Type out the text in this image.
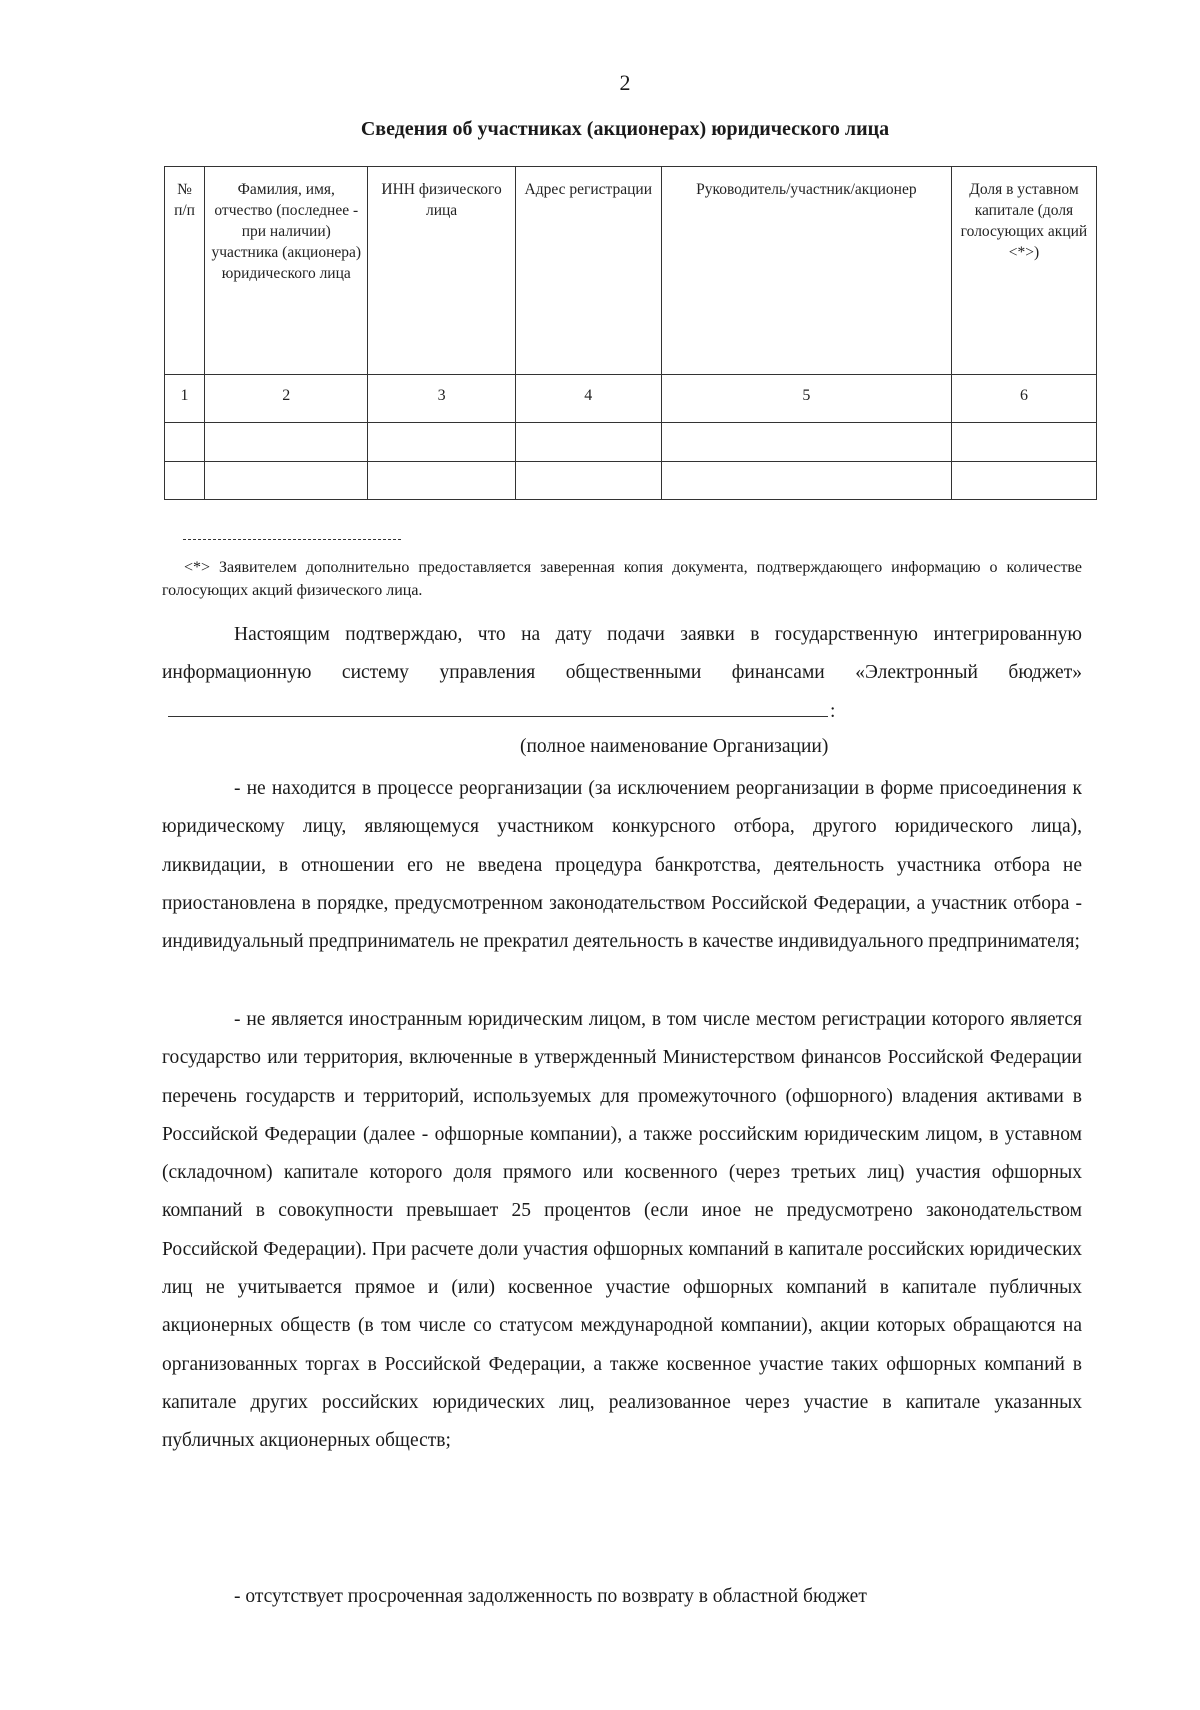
2
Сведения об участниках (акционерах) юридического лица
№ п/п	Фамилия, имя, отчество (последнее - при наличии) участника (акционера) юридического лица	ИНН физического лица	Адрес регистрации	Руководитель/участник/акционер	Доля в уставном капитале (доля голосующих акций <*>)
1	2	3	4	5	6

<*> Заявителем дополнительно предоставляется заверенная копия документа, подтверждающего информацию о количестве голосующих акций физического лица.
Настоящим подтверждаю, что на дату подачи заявки в государственную интегрированную информационную систему управления общественными финансами «Электронный бюджет»:
(полное наименование Организации)
- не находится в процессе реорганизации (за исключением реорганизации в форме присоединения к юридическому лицу, являющемуся участником конкурсного отбора, другого юридического лица), ликвидации, в отношении его не введена процедура банкротства, деятельность участника отбора не приостановлена в порядке, предусмотренном законодательством Российской Федерации, а участник отбора - индивидуальный предприниматель не прекратил деятельность в качестве индивидуального предпринимателя;
- не является иностранным юридическим лицом, в том числе местом регистрации которого является государство или территория, включенные в утвержденный Министерством финансов Российской Федерации перечень государств и территорий, используемых для промежуточного (офшорного) владения активами в Российской Федерации (далее - офшорные компании), а также российским юридическим лицом, в уставном (складочном) капитале которого доля прямого или косвенного (через третьих лиц) участия офшорных компаний в совокупности превышает 25 процентов (если иное не предусмотрено законодательством Российской Федерации). При расчете доли участия офшорных компаний в капитале российских юридических лиц не учитывается прямое и (или) косвенное участие офшорных компаний в капитале публичных акционерных обществ (в том числе со статусом международной компании), акции которых обращаются на организованных торгах в Российской Федерации, а также косвенное участие таких офшорных компаний в капитале других российских юридических лиц, реализованное через участие в капитале указанных публичных акционерных обществ;
- отсутствует просроченная задолженность по возврату в областной бюджет
